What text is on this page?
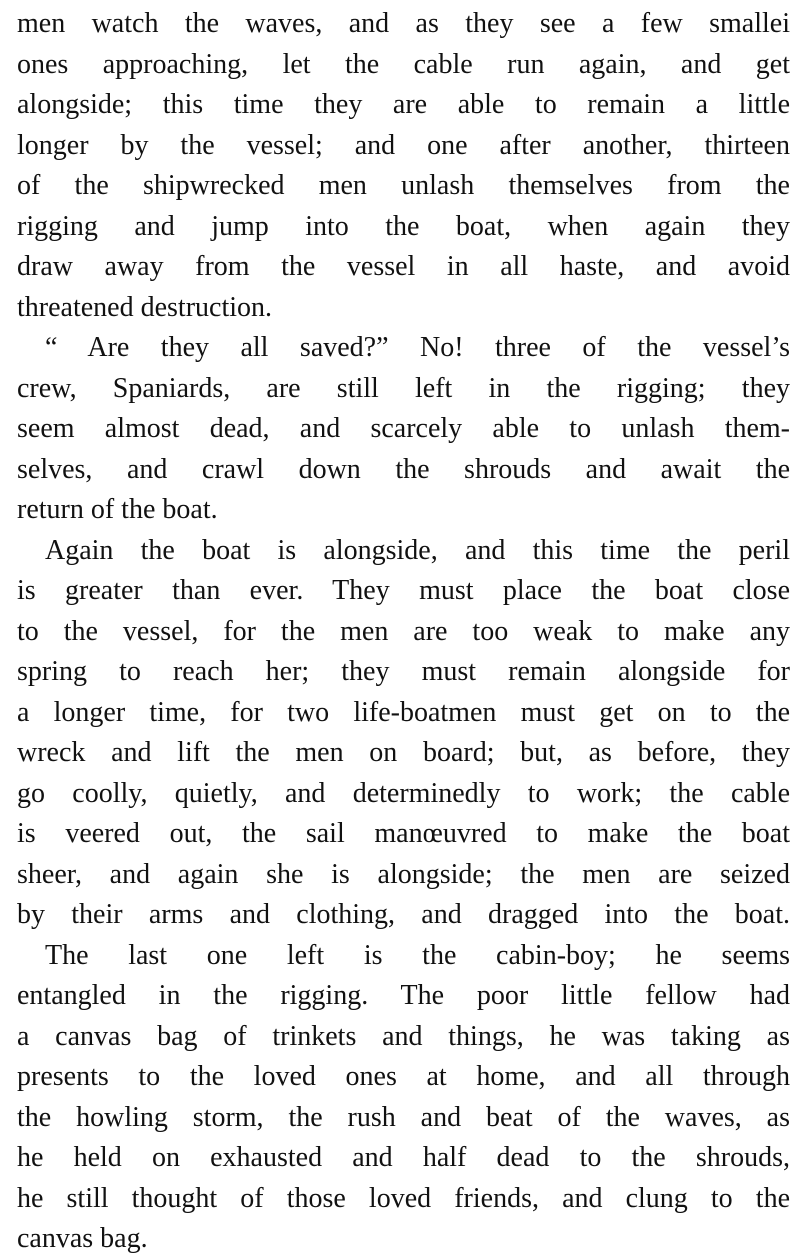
men watch the waves, and as they see a few smallei
ones approaching, let the cable run again, and get
alongside; this time they are able to remain a little
longer by the vessel; and one after another, thirteen
of the shipwrecked men unlash themselves from the
rigging and jump into the boat, when again they
draw away from the vessel in all haste, and avoid
threatened destruction.
“ Are they all saved?” No! three of the vessel’s
crew, Spaniards, are still left in the rigging; they
seem almost dead, and scarcely able to unlash them-
selves, and crawl down the shrouds and await the
return of the boat.
Again the boat is alongside, and this time the peril
is greater than ever. They must place the boat close
to the vessel, for the men are too weak to make any
spring to reach her; they must remain alongside for
a longer time, for two life-boatmen must get on to the
wreck and lift the men on board; but, as before, they
go coolly, quietly, and determinedly to work; the cable
is veered out, the sail manœuvred to make the boat
sheer, and again she is alongside; the men are seized
by their arms and clothing, and dragged into the boat.
The last one left is the cabin-boy; he seems
entangled in the rigging. The poor little fellow had
a canvas bag of trinkets and things, he was taking as
presents to the loved ones at home, and all through
the howling storm, the rush and beat of the waves, as
he held on exhausted and half dead to the shrouds,
he still thought of those loved friends, and clung to the
canvas bag.
